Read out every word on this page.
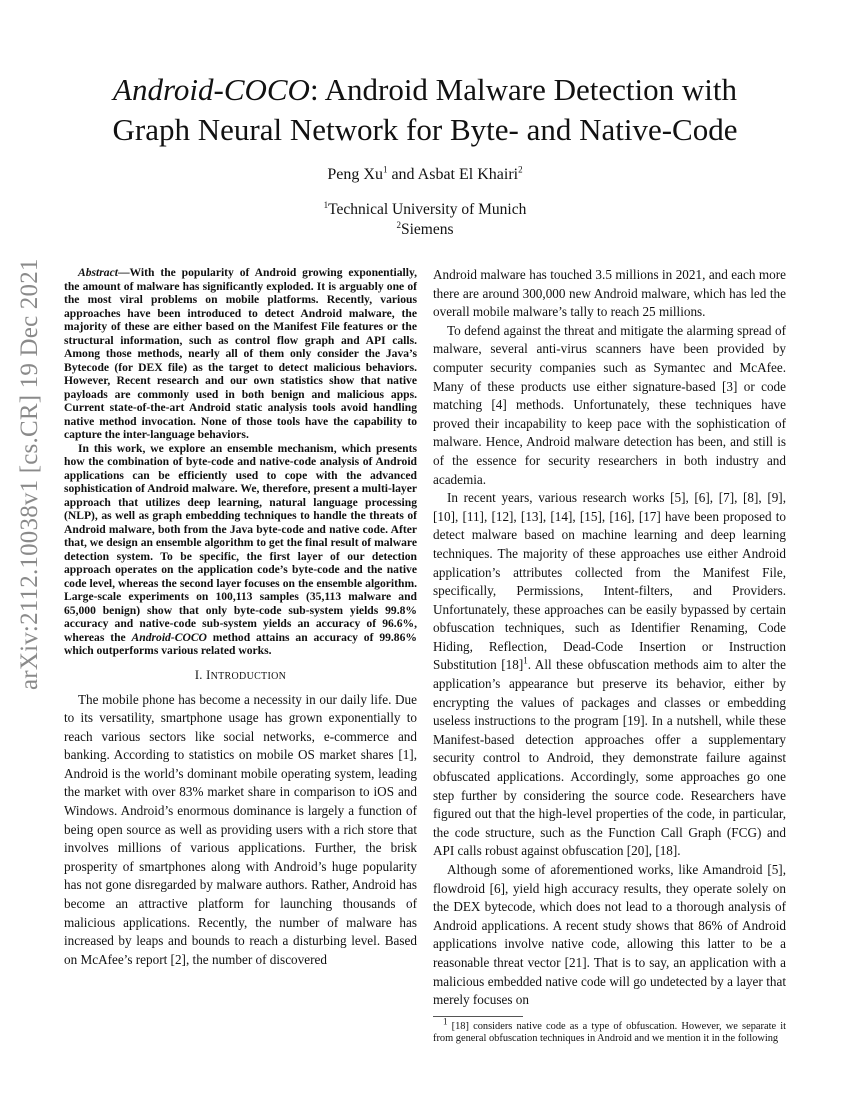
arXiv:2112.10038v1 [cs.CR] 19 Dec 2021
Android-COCO: Android Malware Detection with
Graph Neural Network for Byte- and Native-Code
Peng Xu$^1$ and Asbat El Khairi$^2$
$^1$Technical University of Munich
$^2$Siemens

Abstract—With the popularity of Android growing exponentially, the amount of malware has significantly exploded. It is arguably one of the most viral problems on mobile platforms. Recently, various approaches have been introduced to detect Android malware, the majority of these are either based on the Manifest File features or the structural information, such as control flow graph and API calls. Among those methods, nearly all of them only consider the Java’s Bytecode (for DEX file) as the target to detect malicious behaviors. However, Recent research and our own statistics show that native payloads are commonly used in both benign and malicious apps. Current state-of-the-art Android static analysis tools avoid handling native method invocation. None of those tools have the capability to capture the inter-language behaviors.

In this work, we explore an ensemble mechanism, which presents how the combination of byte-code and native-code analysis of Android applications can be efficiently used to cope with the advanced sophistication of Android malware. We, therefore, present a multi-layer approach that utilizes deep learning, natural language processing (NLP), as well as graph embedding techniques to handle the threats of Android malware, both from the Java byte-code and native code. After that, we design an ensemble algorithm to get the final result of malware detection system. To be specific, the first layer of our detection approach operates on the application code’s byte-code and the native code level, whereas the second layer focuses on the ensemble algorithm. Large-scale experiments on 100,113 samples (35,113 malware and 65,000 benign) show that only byte-code sub-system yields 99.8% accuracy and native-code sub-system yields an accuracy of 96.6%, whereas the Android-COCO method attains an accuracy of 99.86% which outperforms various related works.

I. INTRODUCTION

The mobile phone has become a necessity in our daily life. Due to its versatility, smartphone usage has grown exponentially to reach various sectors like social networks, e-commerce and banking. According to statistics on mobile OS market shares [1], Android is the world’s dominant mobile operating system, leading the market with over 83% market share in comparison to iOS and Windows. Android’s enormous dominance is largely a function of being open source as well as providing users with a rich store that involves millions of various applications. Further, the brisk prosperity of smartphones along with Android’s huge popularity has not gone disregarded by malware authors. Rather, Android has become an attractive platform for launching thousands of malicious applications. Recently, the number of malware has increased by leaps and bounds to reach a disturbing level. Based on McAfee’s report [2], the number of discovered

Android malware has touched 3.5 millions in 2021, and each more there are around 300,000 new Android malware, which has led the overall mobile malware’s tally to reach 25 millions.

To defend against the threat and mitigate the alarming spread of malware, several anti-virus scanners have been provided by computer security companies such as Symantec and McAfee. Many of these products use either signature-based [3] or code matching [4] methods. Unfortunately, these techniques have proved their incapability to keep pace with the sophistication of malware. Hence, Android malware detection has been, and still is of the essence for security researchers in both industry and academia.

In recent years, various research works [5], [6], [7], [8], [9], [10], [11], [12], [13], [14], [15], [16], [17] have been proposed to detect malware based on machine learning and deep learning techniques. The majority of these approaches use either Android application’s attributes collected from the Manifest File, specifically, Permissions, Intent-filters, and Providers. Unfortunately, these approaches can be easily bypassed by certain obfuscation techniques, such as Identifier Renaming, Code Hiding, Reflection, Dead-Code Insertion or Instruction Substitution $[18]^1$. All these obfuscation methods aim to alter the application’s appearance but preserve its behavior, either by encrypting the values of packages and classes or embedding useless instructions to the program [19]. In a nutshell, while these Manifest-based detection approaches offer a supplementary security control to Android, they demonstrate failure against obfuscated applications. Accordingly, some approaches go one step further by considering the source code. Researchers have figured out that the high-level properties of the code, in particular, the code structure, such as the Function Call Graph (FCG) and API calls robust against obfuscation [20], [18].

Although some of aforementioned works, like Amandroid [5], flowdroid [6], yield high accuracy results, they operate solely on the DEX bytecode, which does not lead to a thorough analysis of Android applications. A recent study shows that 86% of Android applications involve native code, allowing this latter to be a reasonable threat vector [21]. That is to say, an application with a malicious embedded native code will go undetected by a layer that merely focuses on

$^1$ [18] considers native code as a type of obfuscation. However, we separate it from general obfuscation techniques in Android and we mention it in the following
